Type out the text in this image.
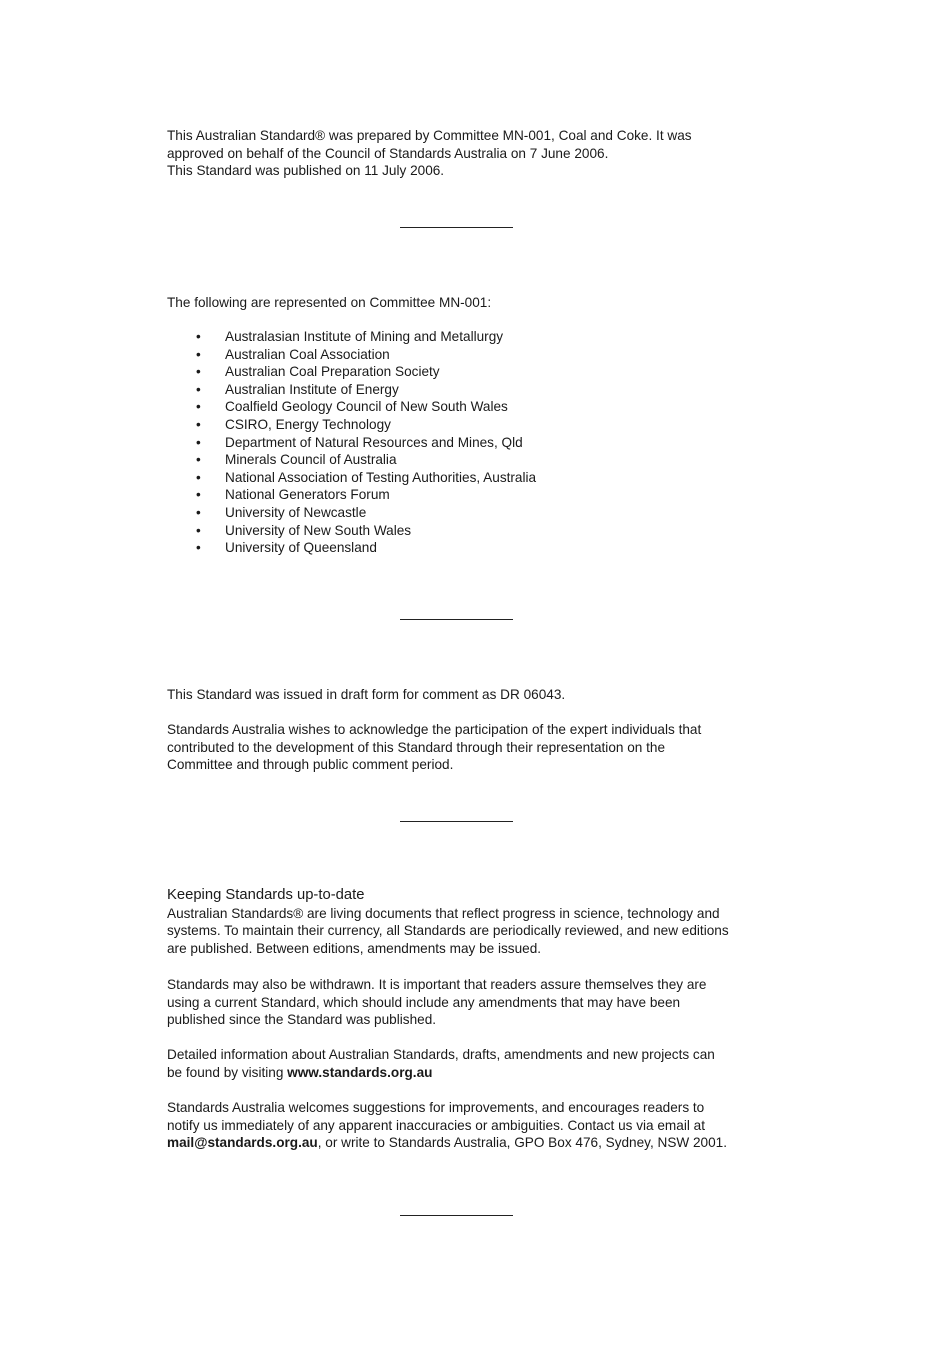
This Australian Standard® was prepared by Committee MN-001, Coal and Coke. It was

approved on behalf of the Council of Standards Australia on 7 June 2006.

This Standard was published on 11 July 2006.

The following are represented on Committee MN-001:

• Australasian Institute of Mining and Metallurgy
• Australian Coal Association
• Australian Coal Preparation Society
• Australian Institute of Energy
• Coalfield Geology Council of New South Wales
• CSIRO, Energy Technology
• Department of Natural Resources and Mines, Qld
• Minerals Council of Australia
• National Association of Testing Authorities, Australia
• National Generators Forum
• University of Newcastle
• University of New South Wales
• University of Queensland

This Standard was issued in draft form for comment as DR 06043.

Standards Australia wishes to acknowledge the participation of the expert individuals that

contributed to the development of this Standard through their representation on the

Committee and through public comment period.

Keeping Standards up-to-date

Australian Standards® are living documents that reflect progress in science, technology and

systems. To maintain their currency, all Standards are periodically reviewed, and new editions

are published. Between editions, amendments may be issued.

Standards may also be withdrawn. It is important that readers assure themselves they are

using a current Standard, which should include any amendments that may have been

published since the Standard was published.

Detailed information about Australian Standards, drafts, amendments and new projects can

be found by visiting www.standards.org.au

Standards Australia welcomes suggestions for improvements, and encourages readers to

notify us immediately of any apparent inaccuracies or ambiguities. Contact us via email at

mail@standards.org.au, or write to Standards Australia, GPO Box 476, Sydney, NSW 2001.
